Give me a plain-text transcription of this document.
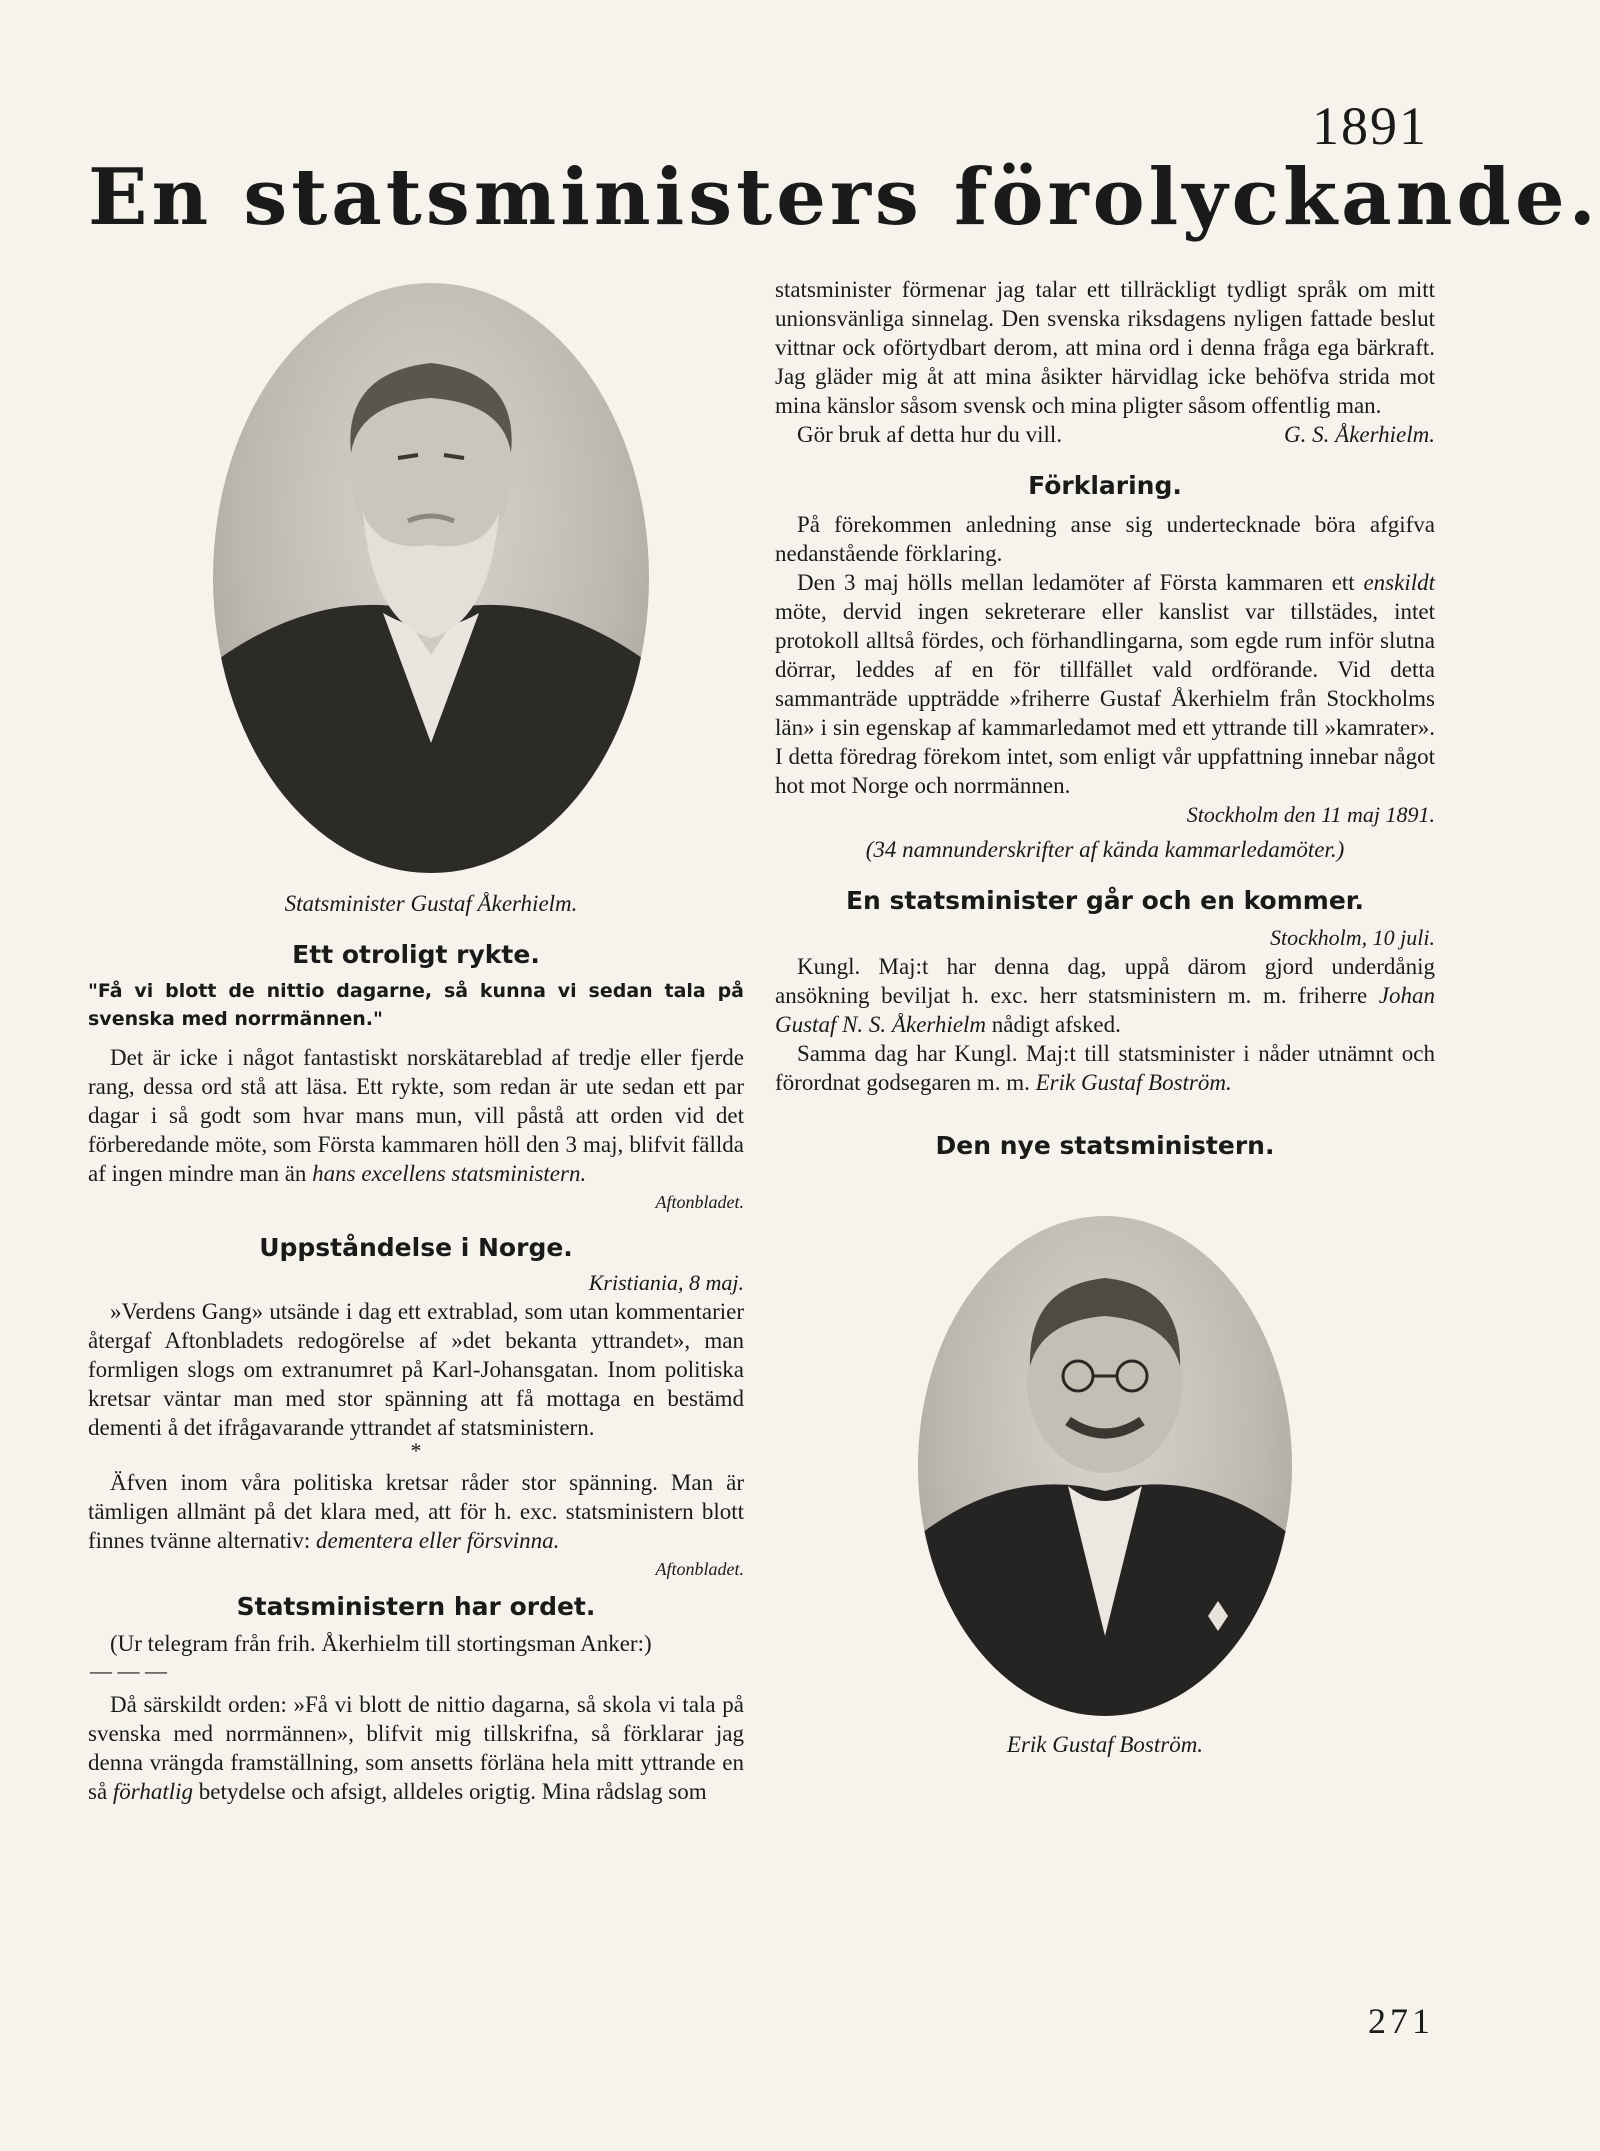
1891
En statsministers förolyckande.

Statsminister Gustaf Åkerhielm.

Ett otroligt rykte.

"Få vi blott de nittio dagarne, så kunna vi sedan tala på svenska med norrmännen."

Det är icke i något fantastiskt norskätareblad af tredje eller fjerde rang, dessa ord stå att läsa. Ett rykte, som redan är ute sedan ett par dagar i så godt som hvar mans mun, vill påstå att orden vid det förberedande möte, som Första kammaren höll den 3 maj, blifvit fällda af ingen mindre man än hans excellens statsministern.

Aftonbladet.

Uppståndelse i Norge.

Kristiania, 8 maj.

»Verdens Gang» utsände i dag ett extrablad, som utan kommentarier återgaf Aftonbladets redogörelse af »det bekanta yttrandet», man formligen slogs om extranumret på Karl-Johansgatan. Inom politiska kretsar väntar man med stor spänning att få mottaga en bestämd dementi å det ifrågavarande yttrandet af statsministern.

*

Äfven inom våra politiska kretsar råder stor spänning. Man är tämligen allmänt på det klara med, att för h. exc. statsministern blott finnes tvänne alternativ: dementera eller försvinna.

Aftonbladet.

Statsministern har ordet.

(Ur telegram från frih. Åkerhielm till stortingsman Anker:)

— — —

Då särskildt orden: »Få vi blott de nittio dagarna, så skola vi tala på svenska med norrmännen», blifvit mig tillskrifna, så förklarar jag denna vrängda framställning, som ansetts förläna hela mitt yttrande en så förhatlig betydelse och afsigt, alldeles origtig. Mina rådslag som

statsminister förmenar jag talar ett tillräckligt tydligt språk om mitt unionsvänliga sinnelag. Den svenska riksdagens nyligen fattade beslut vittnar ock oförtydbart derom, att mina ord i denna fråga ega bärkraft. Jag gläder mig åt att mina åsikter härvidlag icke behöfva strida mot mina känslor såsom svensk och mina pligter såsom offentlig man.

Gör bruk af detta hur du vill.	G. S. Åkerhielm.

Förklaring.

På förekommen anledning anse sig undertecknade böra afgifva nedanstående förklaring.

Den 3 maj hölls mellan ledamöter af Första kammaren ett enskildt möte, dervid ingen sekreterare eller kanslist var tillstädes, intet protokoll alltså fördes, och förhandlingarna, som egde rum inför slutna dörrar, leddes af en för tillfället vald ordförande. Vid detta sammanträde uppträdde »friherre Gustaf Åkerhielm från Stockholms län» i sin egenskap af kammarledamot med ett yttrande till »kamrater». I detta föredrag förekom intet, som enligt vår uppfattning innebar något hot mot Norge och norrmännen.

Stockholm den 11 maj 1891.

(34 namnunderskrifter af kända kammarledamöter.)

En statsminister går och en kommer.

Stockholm, 10 juli.

Kungl. Maj:t har denna dag, uppå därom gjord underdånig ansökning beviljat h. exc. herr statsministern m. m. friherre Johan Gustaf N. S. Åkerhielm nådigt afsked.

Samma dag har Kungl. Maj:t till statsminister i nåder utnämnt och förordnat godsegaren m. m. Erik Gustaf Boström.

Den nye statsministern.

Erik Gustaf Boström.

271
